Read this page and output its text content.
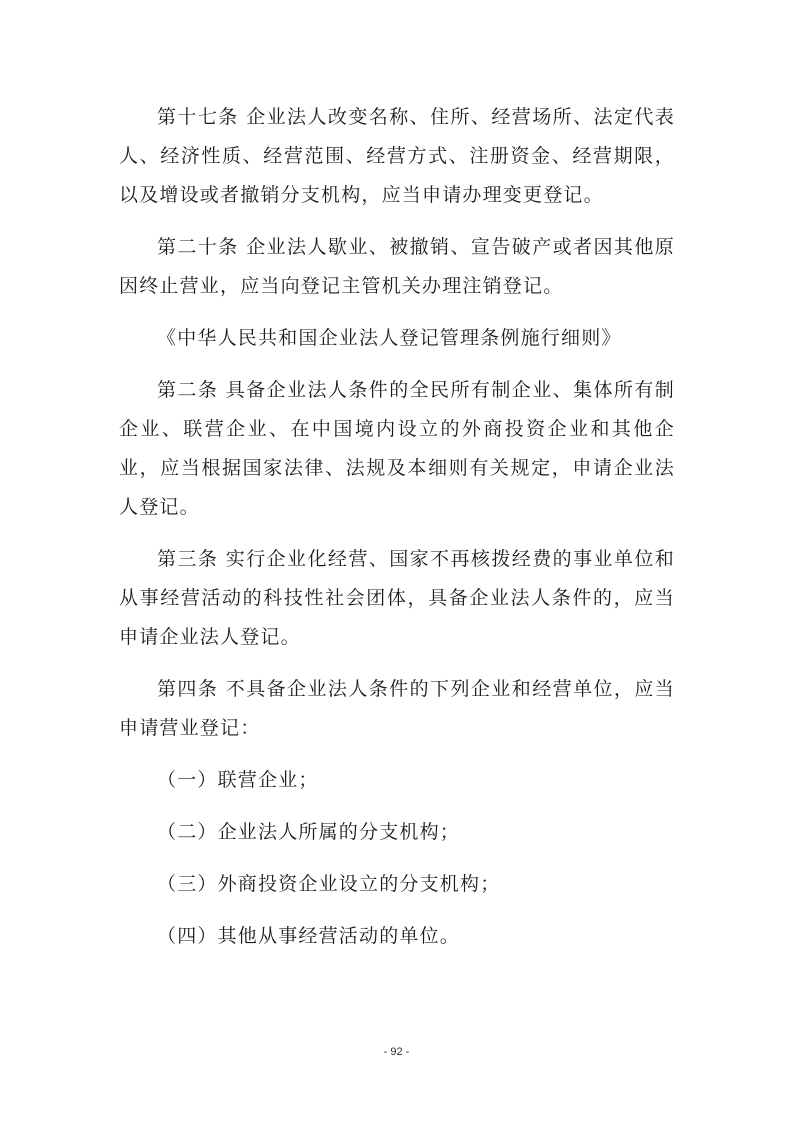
第十七条 企业法人改变名称、住所、经营场所、法定代表人、经济性质、经营范围、经营方式、注册资金、经营期限，以及增设或者撤销分支机构，应当申请办理变更登记。

第二十条 企业法人歇业、被撤销、宣告破产或者因其他原因终止营业，应当向登记主管机关办理注销登记。

《中华人民共和国企业法人登记管理条例施行细则》

第二条 具备企业法人条件的全民所有制企业、集体所有制企业、联营企业、在中国境内设立的外商投资企业和其他企业，应当根据国家法律、法规及本细则有关规定，申请企业法人登记。

第三条 实行企业化经营、国家不再核拨经费的事业单位和从事经营活动的科技性社会团体，具备企业法人条件的，应当申请企业法人登记。

第四条 不具备企业法人条件的下列企业和经营单位，应当申请营业登记：

（一）联营企业；

（二）企业法人所属的分支机构；

（三）外商投资企业设立的分支机构；

（四）其他从事经营活动的单位。

- 92 -
